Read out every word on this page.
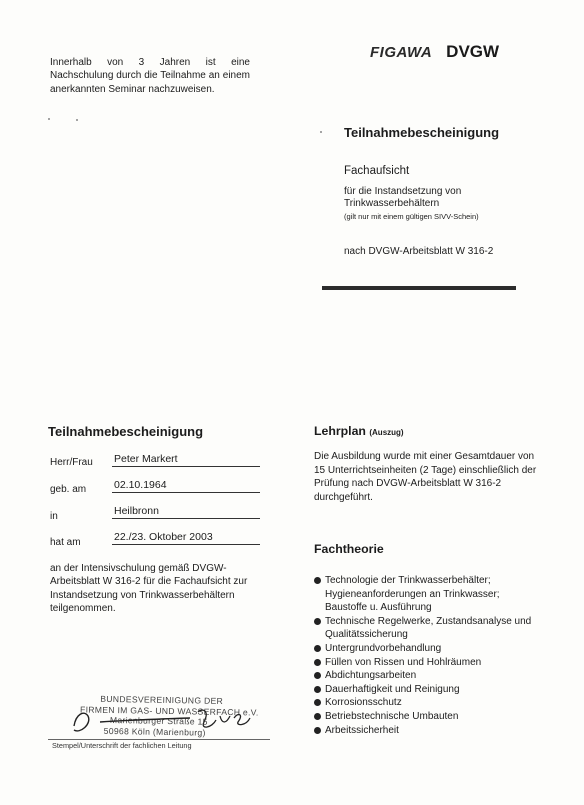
Innerhalb von 3 Jahren ist eine Nachschulung durch die Teilnahme an einem anerkannten Seminar nachzuweisen.
FIGAWA DVGW
Teilnahmebescheinigung
Fachaufsicht
für die Instandsetzung von
Trinkwasserbehältern
(gilt nur mit einem gültigen SIVV-Schein)
nach DVGW-Arbeitsblatt W 316-2
Teilnahmebescheinigung
Herr/Frau Peter Markert
geb. am	02.10.1964
in	Heilbronn
hat am	22./23. Oktober 2003
an der Intensivschulung gemäß DVGW-Arbeitsblatt W 316-2 für die Fachaufsicht zur Instandsetzung von Trinkwasserbehältern teilgenommen.
BUNDESVEREINIGUNG DER
FIRMEN IM GAS- UND WASSERFACH e.V.
Marienburger Straße 15
50968 Köln (Marienburg)
Stempel/Unterschrift der fachlichen Leitung
Lehrplan (Auszug)
Die Ausbildung wurde mit einer Gesamtdauer von 15 Unterrichtseinheiten (2 Tage) einschließlich der Prüfung nach DVGW-Arbeitsblatt W 316-2 durchgeführt.
Fachtheorie
Technologie der Trinkwasserbehälter; Hygieneanforderungen an Trinkwasser; Baustoffe u. Ausführung
Technische Regelwerke, Zustandsanalyse und Qualitätssicherung
Untergrundvorbehandlung
Füllen von Rissen und Hohlräumen
Abdichtungsarbeiten
Dauerhaftigkeit und Reinigung
Korrosionsschutz
Betriebstechnische Umbauten
Arbeitssicherheit
